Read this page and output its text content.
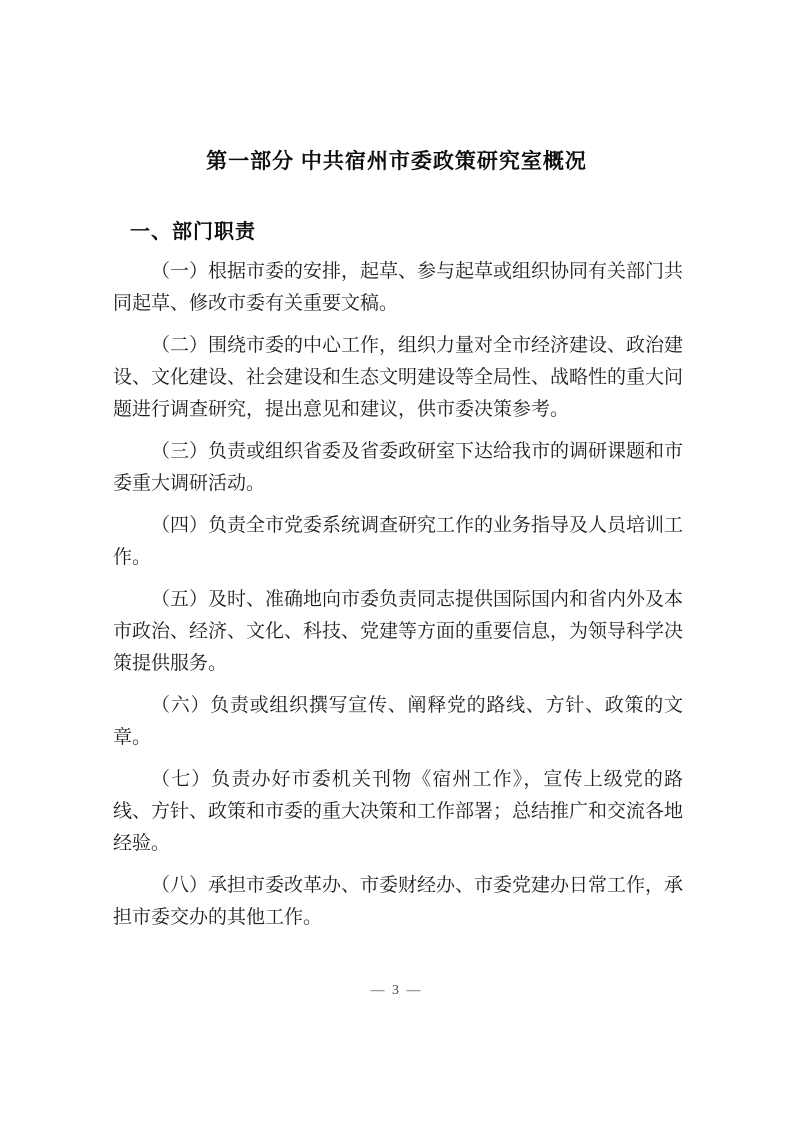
第一部分 中共宿州市委政策研究室概况
一、部门职责

（一）根据市委的安排，起草、参与起草或组织协同有关部门共同起草、修改市委有关重要文稿。

（二）围绕市委的中心工作，组织力量对全市经济建设、政治建设、文化建设、社会建设和生态文明建设等全局性、战略性的重大问题进行调查研究，提出意见和建议，供市委决策参考。

（三）负责或组织省委及省委政研室下达给我市的调研课题和市委重大调研活动。

（四）负责全市党委系统调查研究工作的业务指导及人员培训工作。

（五）及时、准确地向市委负责同志提供国际国内和省内外及本市政治、经济、文化、科技、党建等方面的重要信息，为领导科学决策提供服务。

（六）负责或组织撰写宣传、阐释党的路线、方针、政策的文章。

（七）负责办好市委机关刊物《宿州工作》，宣传上级党的路线、方针、政策和市委的重大决策和工作部署；总结推广和交流各地经验。

（八）承担市委改革办、市委财经办、市委党建办日常工作，承担市委交办的其他工作。

— 3 —
